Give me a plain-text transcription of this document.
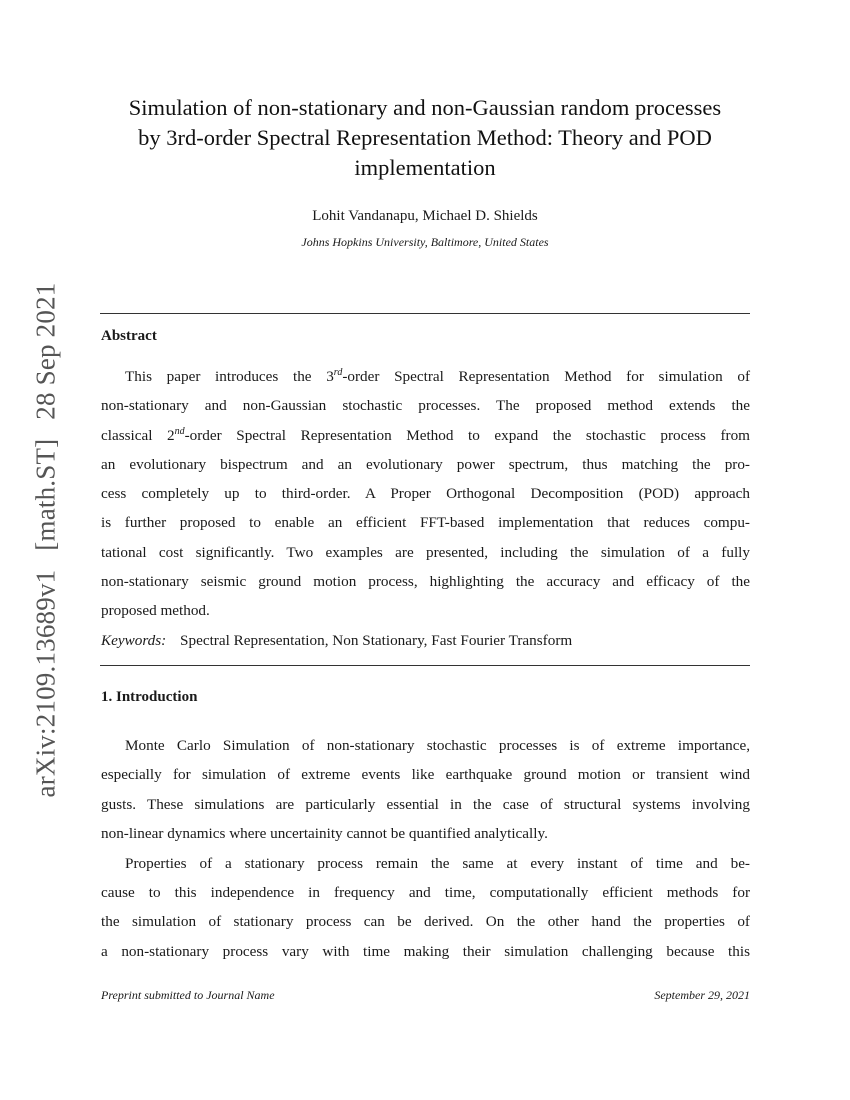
arXiv:2109.13689v1 [math.ST] 28 Sep 2021
Simulation of non-stationary and non-Gaussian random processes
by 3rd-order Spectral Representation Method: Theory and POD
implementation
Lohit Vandanapu, Michael D. Shields
Johns Hopkins University, Baltimore, United States
Abstract
This paper introduces the 3rd-order Spectral Representation Method for simulation of
non-stationary and non-Gaussian stochastic processes. The proposed method extends the
classical 2nd-order Spectral Representation Method to expand the stochastic process from
an evolutionary bispectrum and an evolutionary power spectrum, thus matching the pro-
cess completely up to third-order. A Proper Orthogonal Decomposition (POD) approach
is further proposed to enable an efficient FFT-based implementation that reduces compu-
tational cost significantly. Two examples are presented, including the simulation of a fully
non-stationary seismic ground motion process, highlighting the accuracy and efficacy of the
proposed method.
Keywords: Spectral Representation, Non Stationary, Fast Fourier Transform
1. Introduction
Monte Carlo Simulation of non-stationary stochastic processes is of extreme importance,
especially for simulation of extreme events like earthquake ground motion or transient wind
gusts. These simulations are particularly essential in the case of structural systems involving
non-linear dynamics where uncertainity cannot be quantified analytically.
Properties of a stationary process remain the same at every instant of time and be-
cause to this independence in frequency and time, computationally efficient methods for
the simulation of stationary process can be derived. On the other hand the properties of
a non-stationary process vary with time making their simulation challenging because this
Preprint submitted to Journal Name	September 29, 2021
